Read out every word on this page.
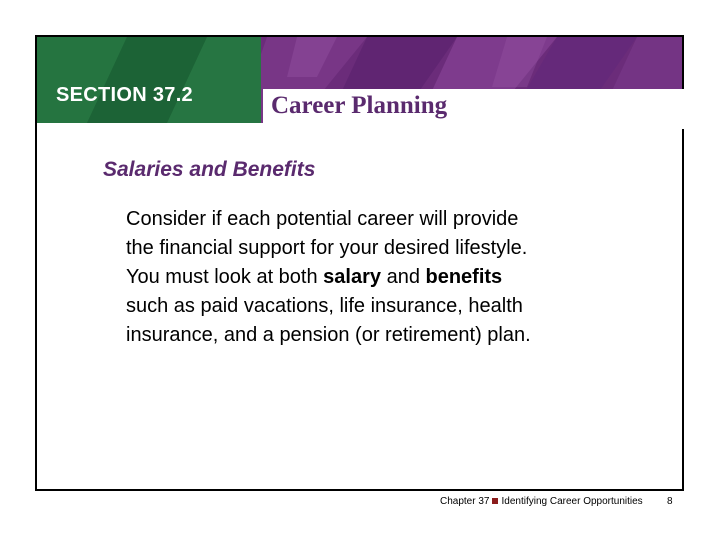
SECTION 37.2	Career Planning
Salaries and Benefits
Consider if each potential career will provide
the financial support for your desired lifestyle.
You must look at both salary and benefits
such as paid vacations, life insurance, health
insurance, and a pension (or retirement) plan.
Chapter 37 Identifying Career Opportunities 8
